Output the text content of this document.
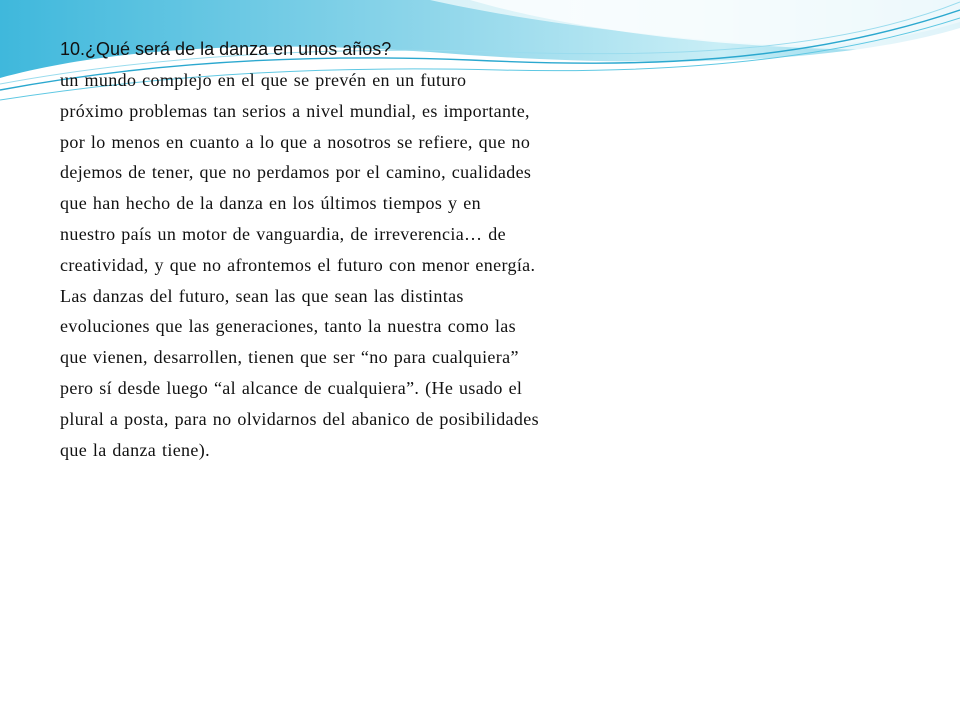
10.¿Qué será de la danza en unos años?
un mundo complejo en el que se prevén en un futuro
próximo problemas tan serios a nivel mundial, es importante,
por lo menos en cuanto a lo que a nosotros se refiere, que no
dejemos de tener, que no perdamos por el camino, cualidades
que han hecho de la danza en los últimos tiempos y en
nuestro país un motor de vanguardia, de irreverencia… de
creatividad, y que no afrontemos el futuro con menor energía.
Las danzas del futuro, sean las que sean las distintas
evoluciones que las generaciones, tanto la nuestra como las
que vienen, desarrollen, tienen que ser “no para cualquiera”
pero sí desde luego “al alcance de cualquiera”. (He usado el
plural a posta, para no olvidarnos del abanico de posibilidades
que la danza tiene).
